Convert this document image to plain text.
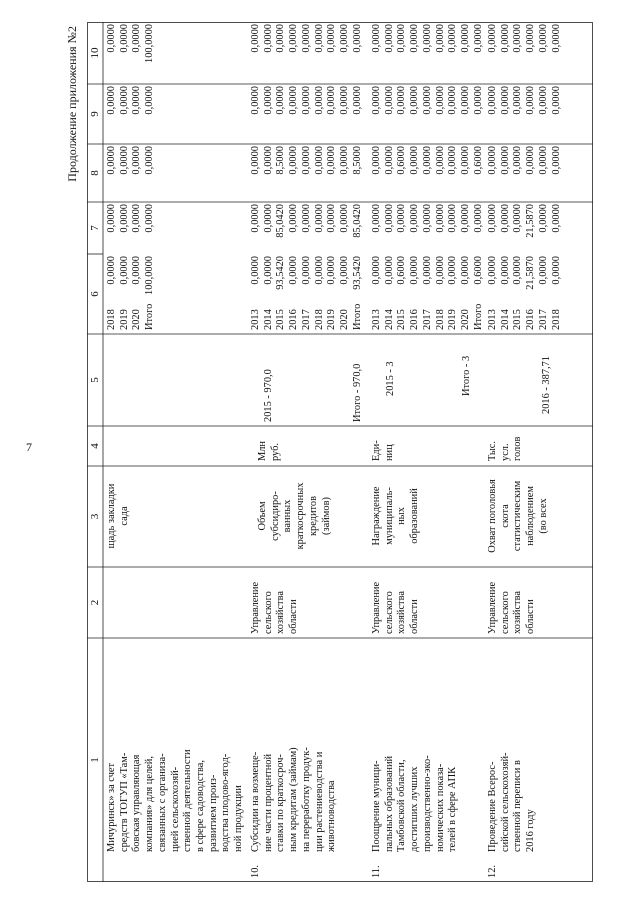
7
Продолжение приложения №2
1
2
3
4
5
6
7
8
9
10
Мичуринск» за счет
средств ТОГУП «Там-
бовская управляющая
компания» для целей,
связанных с организа-
цией сельскохозяй-
ственной деятельности
в сфере садоводства,
развитием произ-
водства плодово-ягод-
ной продукции
щадь закладки
сада
2018
2019
2020
Итого
0,0000
0,0000
0,0000
100,0000
0,0000
0,0000
0,0000
0,0000
0,0000
0,0000
0,0000
0,0000
0,0000
0,0000
0,0000
0,0000
0,0000
0,0000
0,0000
100,0000
10.
Субсидии на возмеще-
ние части процентной
ставки по краткосроч-
ным кредитам (займам)
на переработку продук-
ции растениеводства и
животноводства
Управление
сельского
хозяйства
области
Объем
субсидиро-
ванных
краткосрочных
кредитов
(займов)
Млн
руб.
2015 - 970,0

Итого - 970,0
2013
2014
2015
2016
2017
2018
2019
2020
Итого
0,0000
0,0000
93,5420
0,0000
0,0000
0,0000
0,0000
0,0000
93,5420
0,0000
0,0000
85,0420
0,0000
0,0000
0,0000
0,0000
0,0000
85,0420
0,0000
0,0000
8,5000
0,0000
0,0000
0,0000
0,0000
0,0000
8,5000
0,0000
0,0000
0,0000
0,0000
0,0000
0,0000
0,0000
0,0000
0,0000
0,0000
0,0000
0,0000
0,0000
0,0000
0,0000
0,0000
0,0000
0,0000
11.
Поощрение муници-
пальных образований
Тамбовской области,
достигших лучших
производственно-эко-
номических показа-
телей в сфере АПК
Управление
сельского
хозяйства
области
Награждение
муниципаль-
ных
образований
Еди-
ниц
2015 - 3

Итого - 3
2013
2014
2015
2016
2017
2018
2019
2020
Итого
0,0000
0,0000
0,6000
0,0000
0,0000
0,0000
0,0000
0,0000
0,6000
0,0000
0,0000
0,0000
0,0000
0,0000
0,0000
0,0000
0,0000
0,0000
0,0000
0,0000
0,6000
0,0000
0,0000
0,0000
0,0000
0,0000
0,6000
0,0000
0,0000
0,0000
0,0000
0,0000
0,0000
0,0000
0,0000
0,0000
0,0000
0,0000
0,0000
0,0000
0,0000
0,0000
0,0000
0,0000
0,0000
12.
Проведение Всерос-
сийской сельскохозяй-
ственной переписи в
2016 году
Управление
сельского
хозяйства
области
Охват поголовья
скота
статистическим
наблюдением
(во всех
Тыс.
усл.
голов
2016 - 387,71
2013
2014
2015
2016
2017
2018
0,0000
0,0000
0,0000
21,5870
0,0000
0,0000
0,0000
0,0000
0,0000
21,5870
0,0000
0,0000
0,0000
0,0000
0,0000
0,0000
0,0000
0,0000
0,0000
0,0000
0,0000
0,0000
0,0000
0,0000
0,0000
0,0000
0,0000
0,0000
0,0000
0,0000
